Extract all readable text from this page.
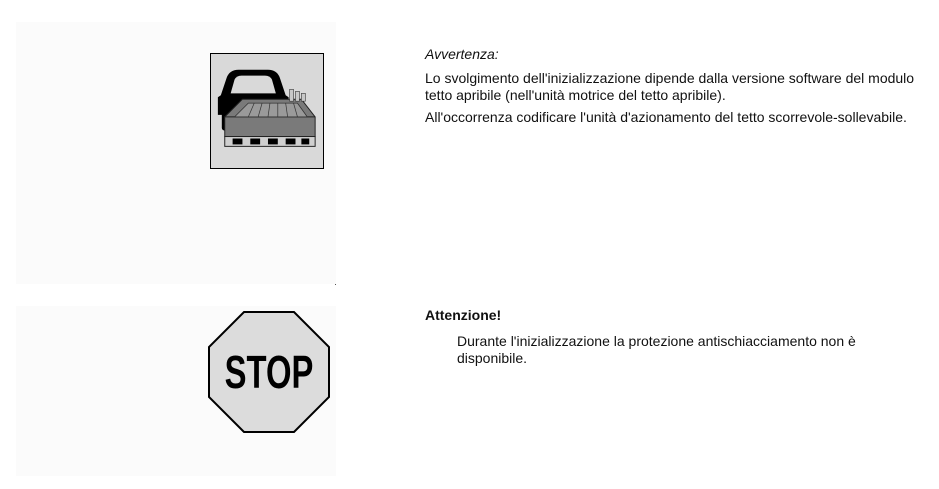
Avvertenza:

Lo svolgimento dell'inizializzazione dipende dalla versione software del modulo tetto apribile (nell'unità motrice del tetto apribile).

All'occorrenza codificare l'unità d'azionamento del tetto scorrevole-sollevabile.

STOP

Attenzione!

Durante l'inizializzazione la protezione antischiacciamento non è disponibile.
